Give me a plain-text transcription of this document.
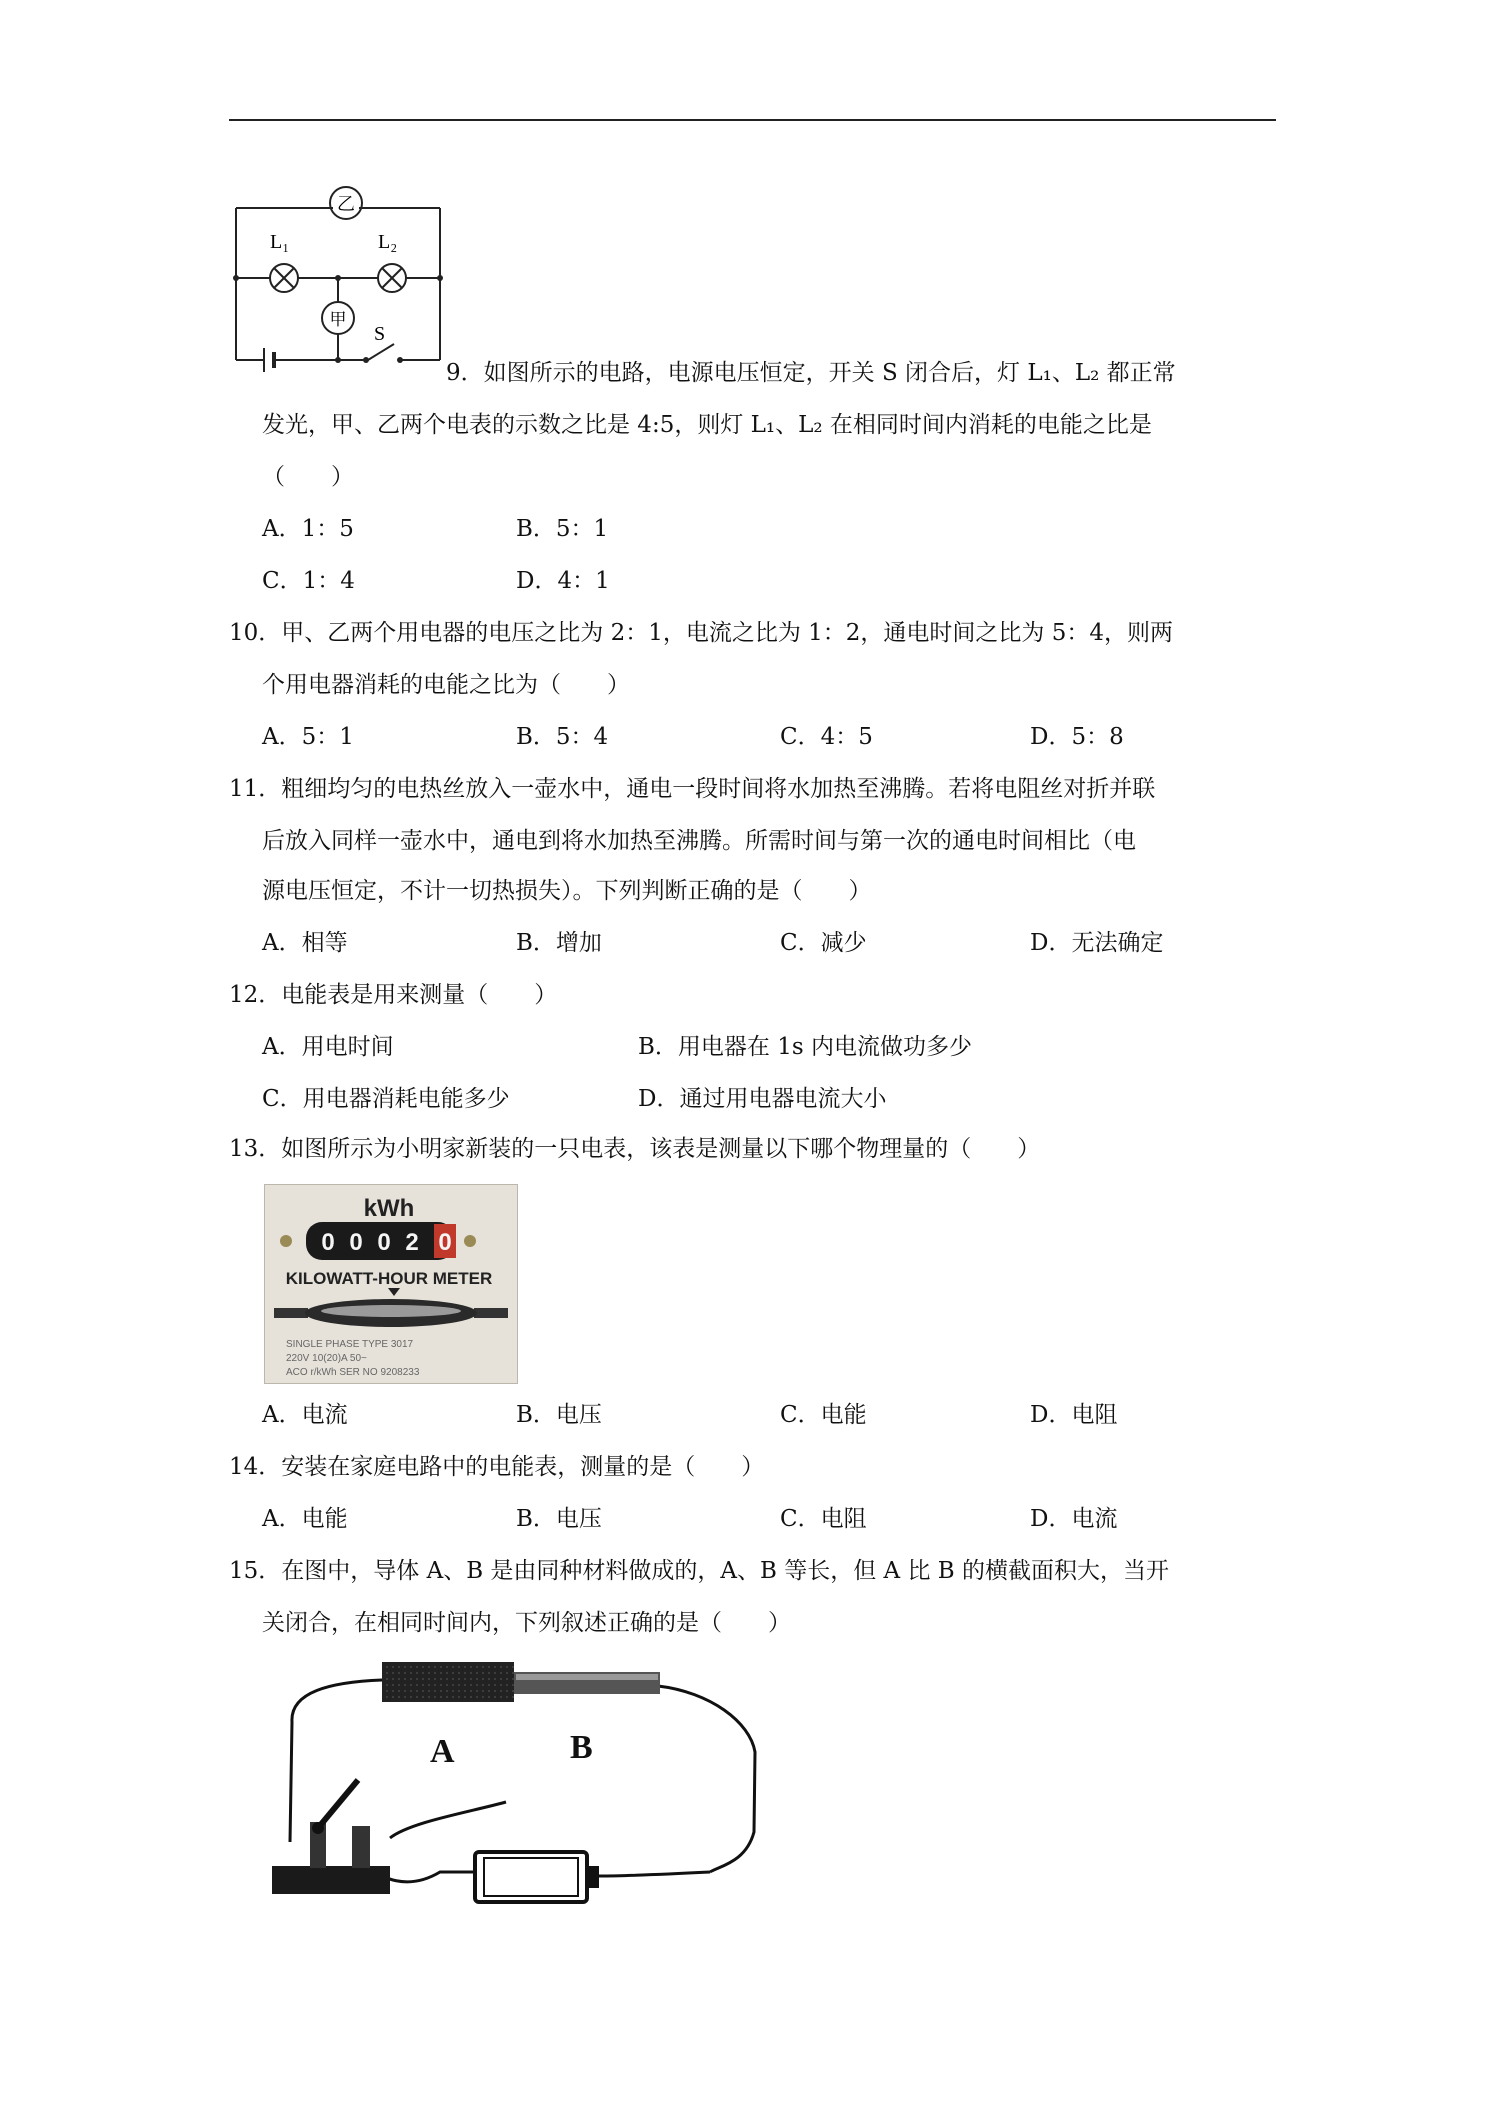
乙
甲
L₁	L₂
S
9．如图所示的电路，电源电压恒定，开关 S 闭合后，灯 L₁、L₂ 都正常
发光，甲、乙两个电表的示数之比是 4:5，则灯 L₁、L₂ 在相同时间内消耗的电能之比是
（　　）
A．1：5	B．5：1
C．1：4	D．4：1
10．甲、乙两个用电器的电压之比为 2：1，电流之比为 1：2，通电时间之比为 5：4，则两
个用电器消耗的电能之比为（　　）
A．5：1	B．5：4	C．4：5	D．5：8
11．粗细均匀的电热丝放入一壶水中，通电一段时间将水加热至沸腾。若将电阻丝对折并联
后放入同样一壶水中，通电到将水加热至沸腾。所需时间与第一次的通电时间相比（电
源电压恒定，不计一切热损失）。下列判断正确的是（　　）
A．相等	B．增加	C．减少	D．无法确定
12．电能表是用来测量（　　）
A．用电时间	B．用电器在 1s 内电流做功多少
C．用电器消耗电能多少	D．通过用电器电流大小
13．如图所示为小明家新装的一只电表，该表是测量以下哪个物理量的（　　）
kWh
0 0 0 2 0
KILOWATT-HOUR METER
SINGLE PHASE TYPE 3017
220V 10(20)A 50~
ACO r/kWh SER NO 9208233
A．电流	B．电压	C．电能	D．电阻
14．安装在家庭电路中的电能表，测量的是（　　）
A．电能	B．电压	C．电阻	D．电流
15．在图中，导体 A、B 是由同种材料做成的，A、B 等长，但 A 比 B 的横截面积大，当开
关闭合，在相同时间内，下列叙述正确的是（　　）
A	B
